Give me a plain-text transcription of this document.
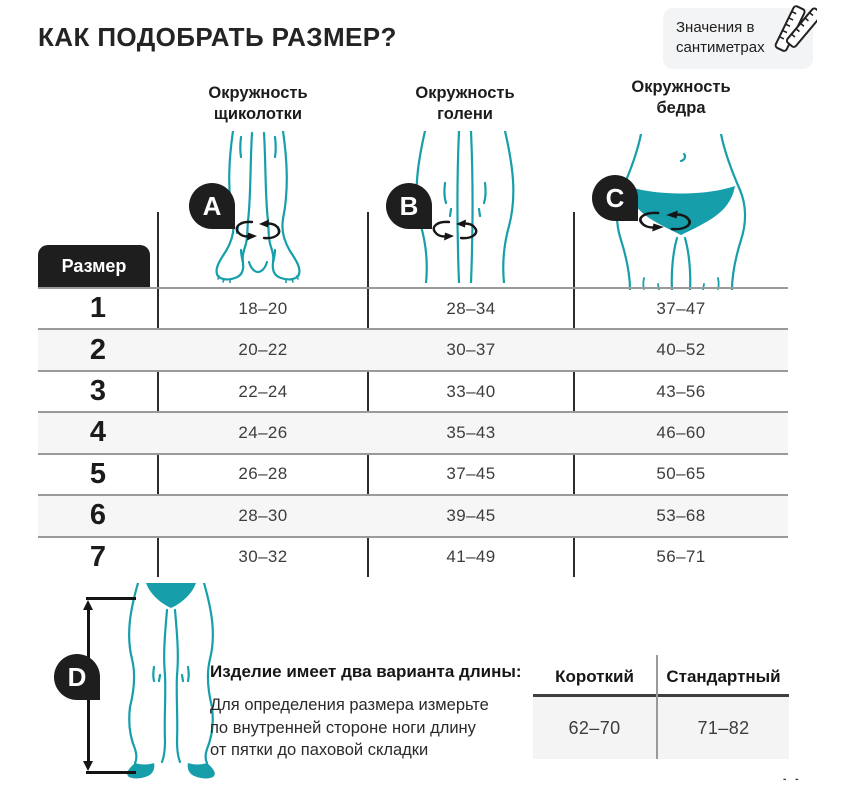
КАК ПОДОБРАТЬ РАЗМЕР?	Значения в
сантиметрах
Окружность
щиколотки
Окружность
голени
Окружность
бедра
A	B	C
Размер
1	18–20	28–34	37–47
2	20–22	30–37	40–52
3	22–24	33–40	43–56
4	24–26	35–43	46–60
5	26–28	37–45	50–65
6	28–30	39–45	53–68
7	30–32	41–49	56–71
D	Изделие имеет два варианта длины:
Для определения размера измерьте
по внутренней стороне ноги длину
от пятки до паховой складки
Короткий	Стандартный
62–70	71–82
- -
